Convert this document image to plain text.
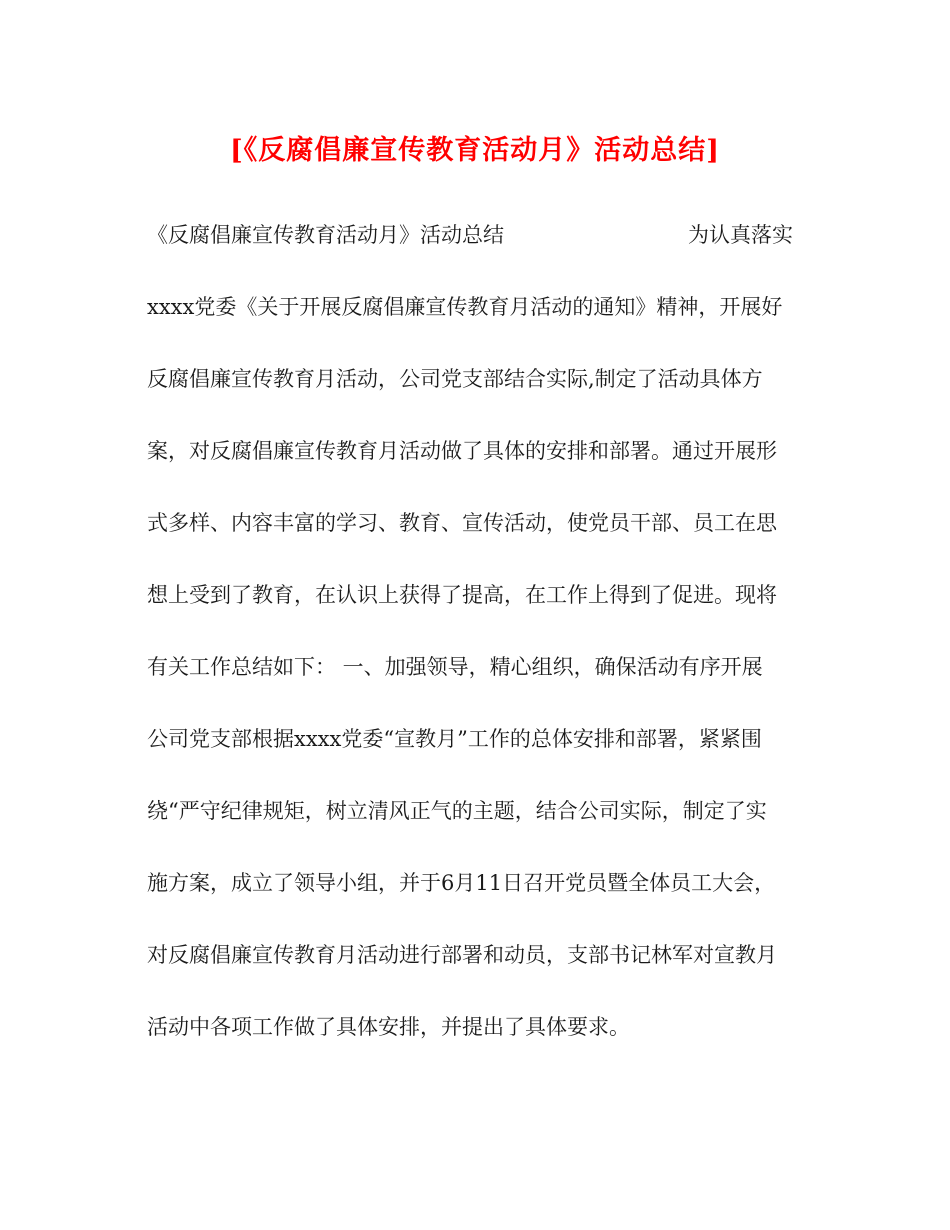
[《反腐倡廉宣传教育活动月》活动总结]
《反腐倡廉宣传教育活动月》活动总结	为认真落实
xxxx党委《关于开展反腐倡廉宣传教育月活动的通知》精神，开展好
反腐倡廉宣传教育月活动，公司党支部结合实际,制定了活动具体方
案，对反腐倡廉宣传教育月活动做了具体的安排和部署。通过开展形
式多样、内容丰富的学习、教育、宣传活动，使党员干部、员工在思
想上受到了教育，在认识上获得了提高，在工作上得到了促进。现将
有关工作总结如下： 一、加强领导，精心组织，确保活动有序开展
公司党支部根据xxxx党委“宣教月”工作的总体安排和部署，紧紧围
绕“严守纪律规矩，树立清风正气的主题，结合公司实际，制定了实
施方案，成立了领导小组，并于6月11日召开党员暨全体员工大会，
对反腐倡廉宣传教育月活动进行部署和动员，支部书记林军对宣教月
活动中各项工作做了具体安排，并提出了具体要求。
